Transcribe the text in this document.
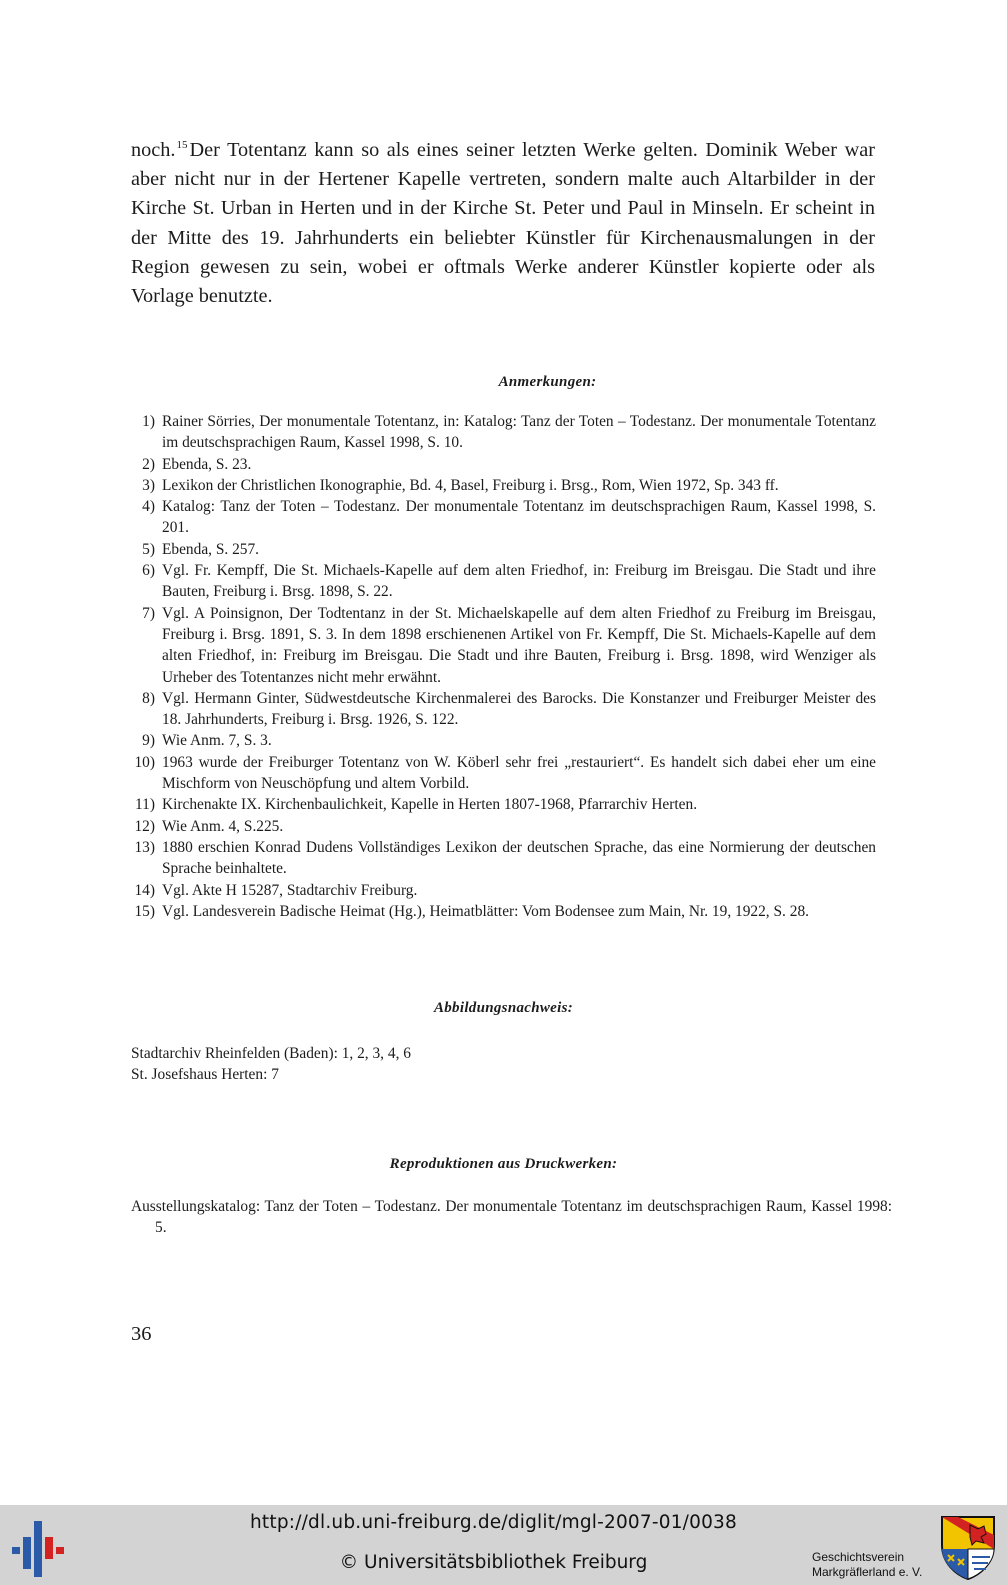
noch.$^{15}$Der Totentanz kann so als eines seiner letzten Werke gelten. Dominik Weber war aber nicht nur in der Hertener Kapelle vertreten, sondern malte auch Altarbilder in der Kirche St. Urban in Herten und in der Kirche St. Peter und Paul in Minseln. Er scheint in der Mitte des 19. Jahrhunderts ein beliebter Künstler für Kirchenausmalungen in der Region gewesen zu sein, wobei er oftmals Werke anderer Künstler kopierte oder als Vorlage benutzte.

Anmerkungen:
1) Rainer Sörries, Der monumentale Totentanz, in: Katalog: Tanz der Toten – Todestanz. Der monumentale Totentanz im deutschsprachigen Raum, Kassel 1998, S. 10.
2) Ebenda, S. 23.
3) Lexikon der Christlichen Ikonographie, Bd. 4, Basel, Freiburg i. Brsg., Rom, Wien 1972, Sp. 343 ff.
4) Katalog: Tanz der Toten – Todestanz. Der monumentale Totentanz im deutschsprachigen Raum, Kassel 1998, S. 201.
5) Ebenda, S. 257.
6) Vgl. Fr. Kempff, Die St. Michaels-Kapelle auf dem alten Friedhof, in: Freiburg im Breisgau. Die Stadt und ihre Bauten, Freiburg i. Brsg. 1898, S. 22.
7) Vgl. A Poinsignon, Der Todtentanz in der St. Michaelskapelle auf dem alten Friedhof zu Freiburg im Breisgau, Freiburg i. Brsg. 1891, S. 3. In dem 1898 erschienenen Artikel von Fr. Kempff, Die St. Michaels-Kapelle auf dem alten Friedhof, in: Freiburg im Breisgau. Die Stadt und ihre Bauten, Freiburg i. Brsg. 1898, wird Wenziger als Urheber des Totentanzes nicht mehr erwähnt.
8) Vgl. Hermann Ginter, Südwestdeutsche Kirchenmalerei des Barocks. Die Konstanzer und Freiburger Meister des 18. Jahrhunderts, Freiburg i. Brsg. 1926, S. 122.
9) Wie Anm. 7, S. 3.
10) 1963 wurde der Freiburger Totentanz von W. Köberl sehr frei „restauriert“. Es handelt sich dabei eher um eine Mischform von Neuschöpfung und altem Vorbild.
11) Kirchenakte IX. Kirchenbaulichkeit, Kapelle in Herten 1807-1968, Pfarrarchiv Herten.
12) Wie Anm. 4, S.225.
13) 1880 erschien Konrad Dudens Vollständiges Lexikon der deutschen Sprache, das eine Normierung der deutschen Sprache beinhaltete.
14) Vgl. Akte H 15287, Stadtarchiv Freiburg.
15) Vgl. Landesverein Badische Heimat (Hg.), Heimatblätter: Vom Bodensee zum Main, Nr. 19, 1922, S. 28.
Abbildungsnachweis:
Stadtarchiv Rheinfelden (Baden): 1, 2, 3, 4, 6
St. Josefshaus Herten: 7
Reproduktionen aus Druckwerken:

Ausstellungskatalog: Tanz der Toten – Todestanz. Der monumentale Totentanz im deutschsprachigen Raum, Kassel 1998: 5.

36

http://dl.ub.uni-freiburg.de/diglit/mgl-2007-01/0038
© Universitätsbibliothek Freiburg	Geschichtsverein
Markgräflerland e. V.
